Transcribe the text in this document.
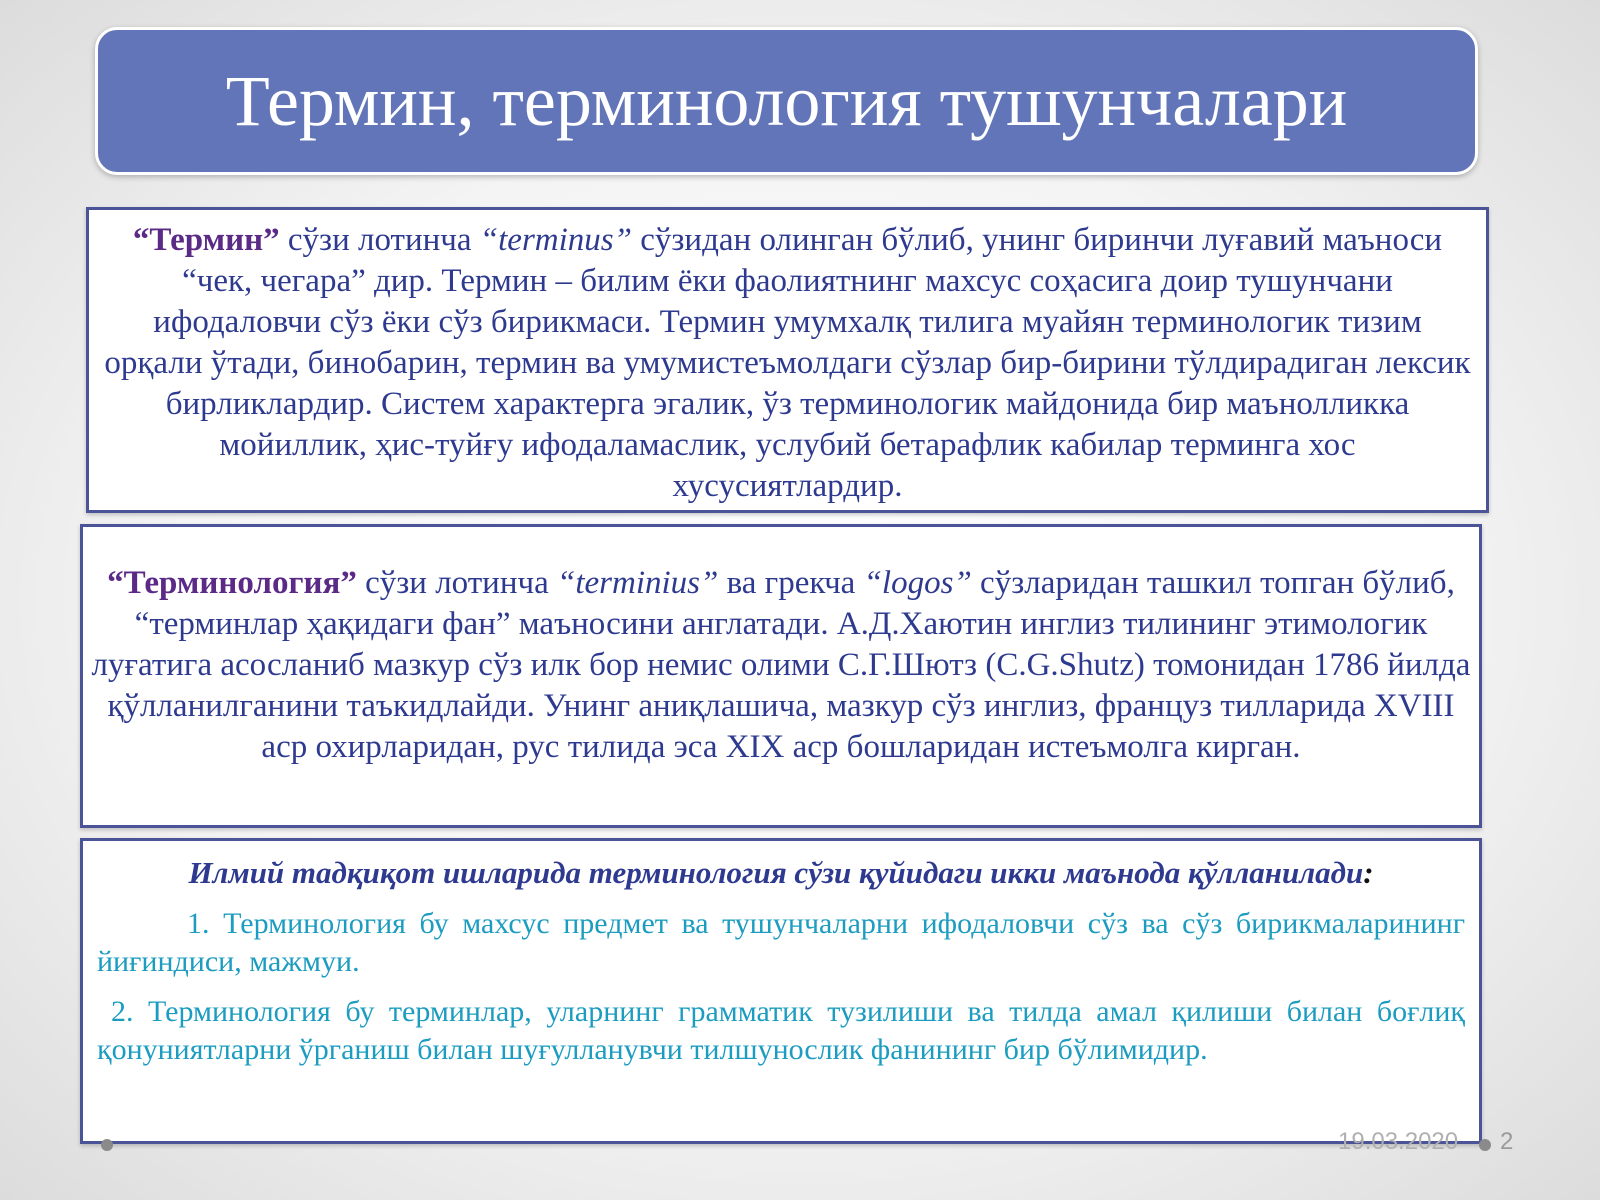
Термин, терминология тушунчалари

“Термин” сўзи лотинча “terminus” сўзидан олинган бўлиб, унинг биринчи луғавий маъноси “чек, чегара” дир. Термин – билим ёки фаолиятнинг махсус соҳасига доир тушунчани ифодаловчи сўз ёки сўз бирикмаси. Термин умумхалқ тилига муайян терминологик тизим орқали ўтади, бинобарин, термин ва умумистеъмолдаги сўзлар бир-бирини тўлдирадиган лексик бирликлардир. Систем характерга эгалик, ўз терминологик майдонида бир маънолликка мойиллик, ҳис-туйғу ифодаламаслик, услубий бетарафлик кабилар терминга хос хусусиятлардир.

“Терминология” сўзи лотинча “terminius” ва грекча “logos” сўзларидан ташкил топган бўлиб, “терминлар ҳақидаги фан” маъносини англатади. А.Д.Хаютин инглиз тилининг этимологик луғатига асосланиб мазкур сўз илк бор немис олими С.Г.Шютз (C.G.Shutz) томонидан 1786 йилда қўлланилганини таъкидлайди. Унинг аниқлашича, мазкур сўз инглиз, француз тилларида XVIII аср охирларидан, рус тилида эса XIX аср бошларидан истеъмолга кирган.

Илмий тадқиқот ишларида терминология сўзи қуйидаги икки маънода қўлланилади:

1. Терминология бу махсус предмет ва тушунчаларни ифодаловчи сўз ва сўз бирикмаларининг йиғиндиси, мажмуи.

2. Терминология бу терминлар, уларнинг грамматик тузилиши ва тилда амал қилиши билан боғлиқ қонуниятларни ўрганиш билан шуғулланувчи тилшунослик фанининг бир бўлимидир.

19.03.2020 2
